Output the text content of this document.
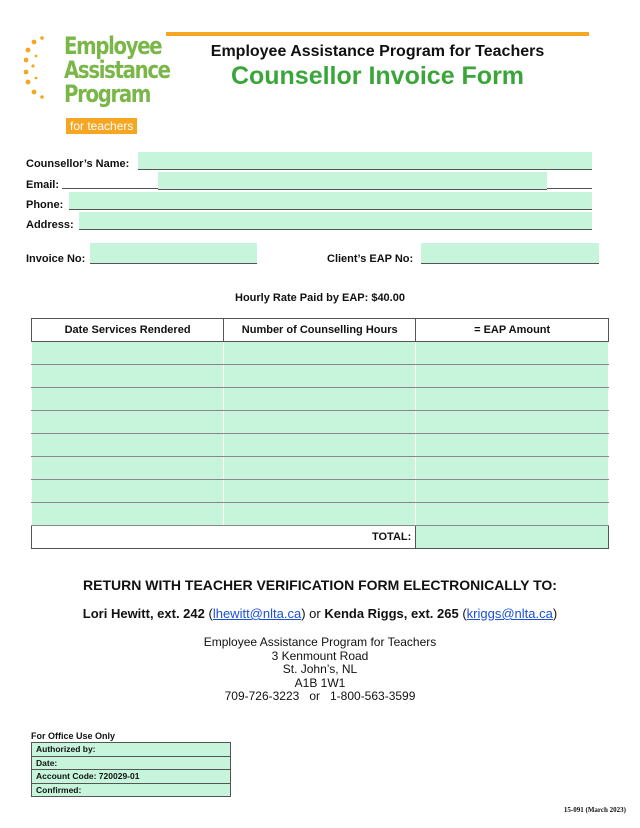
Employee
Assistance
Program
for teachers
Employee Assistance Program for Teachers
Counsellor Invoice Form
Counsellor’s Name:
Email:
Phone:
Address:
Invoice No:	Client’s EAP No:
Hourly Rate Paid by EAP: $40.00
Date Services Rendered	Number of Counselling Hours	= EAP Amount

TOTAL:		
RETURN WITH TEACHER VERIFICATION FORM ELECTRONICALLY TO:
Lori Hewitt, ext. 242 (lhewitt@nlta.ca) or Kenda Riggs, ext. 265 (kriggs@nlta.ca)
Employee Assistance Program for Teachers
3 Kenmount Road
St. John’s, NL
A1B 1W1
709-726-3223   or   1-800-563-3599
For Office Use Only
Authorized by:
Date:
Account Code: 720029-01
Confirmed:
15-091 (March 2023)
